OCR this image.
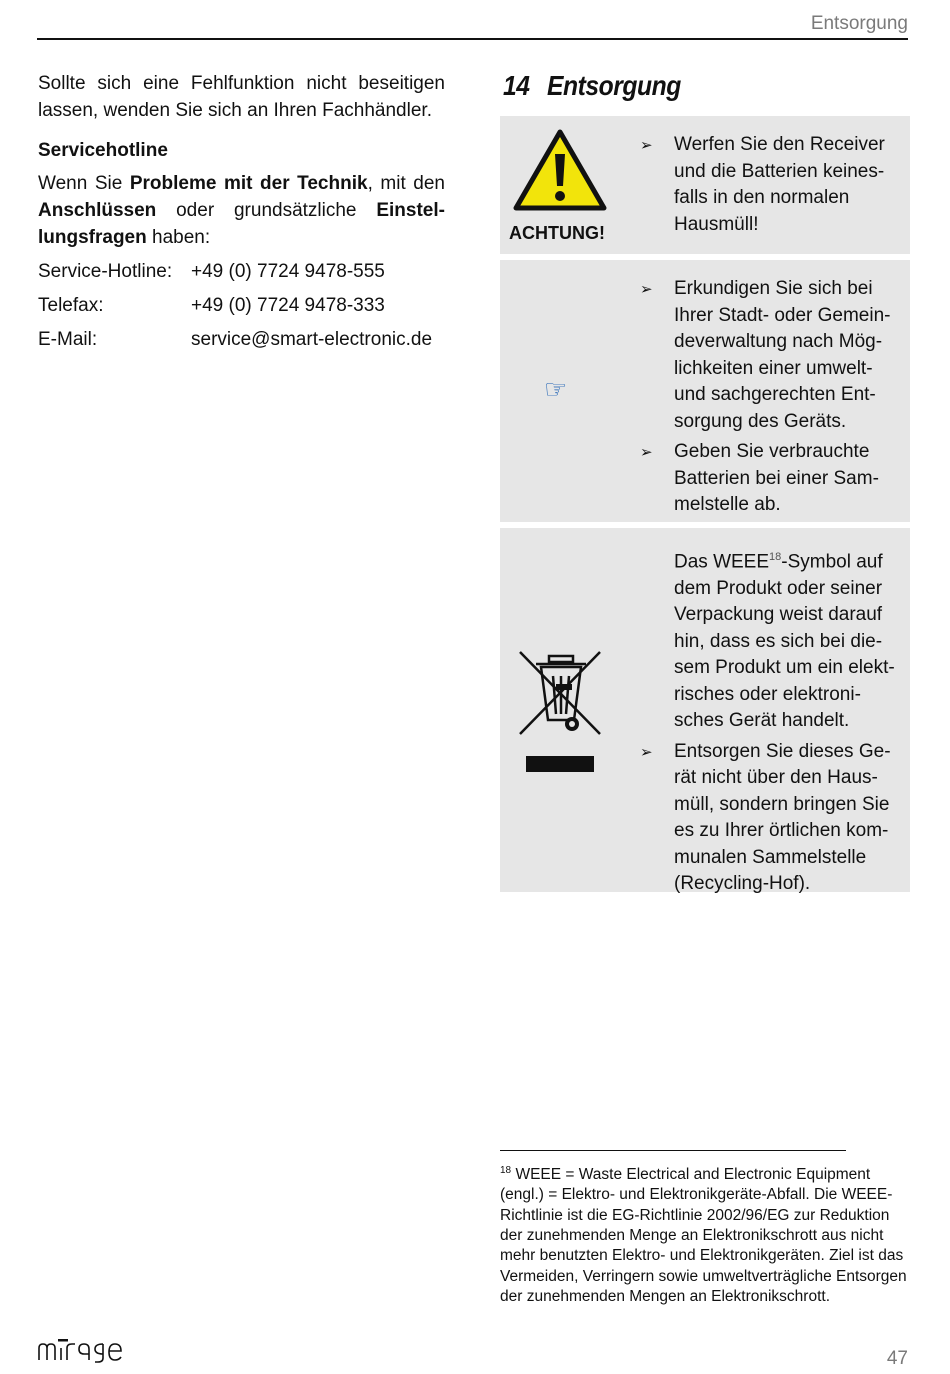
Entsorgung

Sollte sich eine Fehlfunktion nicht beseitigen lassen, wenden Sie sich an Ihren Fachhändler.

Servicehotline

Wenn Sie Probleme mit der Technik, mit den Anschlüssen oder grundsätzliche Einstellungsfragen haben:

Service-Hotline: +49 (0) 7724 9478-555
Telefax:	+49 (0) 7724 9478-333
E-Mail:	service@smart-electronic.de
14 Entsorgung
ACHTUNG!
➢	Werfen Sie den Receiver und die Batterien keinesfalls in den normalen Hausmüll!
☞
➢	Erkundigen Sie sich bei Ihrer Stadt- oder Gemeindeverwaltung nach Möglichkeiten einer umwelt- und sachgerechten Entsorgung des Geräts.
➢	Geben Sie verbrauchte Batterien bei einer Sammelstelle ab.
Das WEEE$^{18}$-Symbol auf dem Produkt oder seiner Verpackung weist darauf hin, dass es sich bei diesem Produkt um ein elektrisches oder elektronisches Gerät handelt.
➢	Entsorgen Sie dieses Gerät nicht über den Hausmüll, sondern bringen Sie es zu Ihrer örtlichen kommunalen Sammelstelle (Recycling-Hof).
$^{18}$ WEEE = Waste Electrical and Electronic Equipment (engl.) = Elektro- und Elektronikgeräte-Abfall. Die WEEE-Richtlinie ist die EG-Richtlinie 2002/96/EG zur Reduktion der zunehmenden Menge an Elektronikschrott aus nicht mehr benutzten Elektro- und Elektronikgeräten. Ziel ist das Vermeiden, Verringern sowie umweltverträgliche Entsorgen der zunehmenden Mengen an Elektronikschrott.
47
